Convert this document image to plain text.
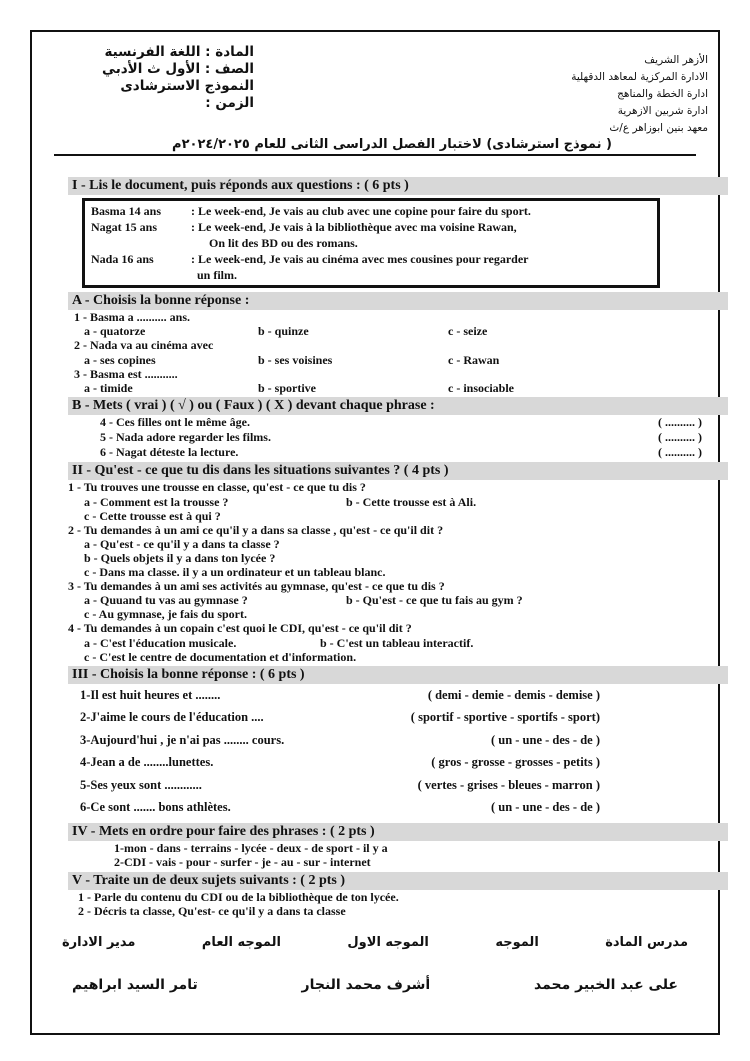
المادة : اللغة الفرنسية
الصف : الأول ث الأدبي
النموذج الاسترشادى
الزمن :
الأزهر الشريف
الادارة المركزية لمعاهد الدقهلية
ادارة الخطة والمناهج
ادارة شربين الازهرية
معهد بنين ابوزاهر ع/ث
( نموذج استرشادى) لاختبار الفصل الدراسى الثانى للعام ٢٠٢٤/٢٠٢٥م
I - Lis le document, puis réponds aux questions : ( 6 pts )
Basma 14 ans	: Le week-end, Je vais au club avec une copine pour faire du sport.
Nagat 15 ans	: Le week-end, Je vais à la bibliothèque avec ma voisine Rawan,
On lit des BD ou des romans.
Nada 16 ans	: Le week-end, Je vais au cinéma avec mes cousines pour regarder
un film.
A - Choisis la bonne réponse :
1 - Basma a .......... ans.
a - quatorze	b - quinze	c - seize
2 - Nada va au cinéma avec
a - ses copines	b - ses voisines	c - Rawan
3 - Basma est ...........
a - timide	b - sportive	c - insociable
B - Mets ( vrai ) ( √ ) ou ( Faux ) ( X ) devant chaque phrase :
4 - Ces filles ont le même âge.	( .......... )
5 - Nada adore regarder les films.	( .......... )
6 - Nagat déteste la lecture.	( .......... )
II - Qu'est - ce que tu dis dans les situations suivantes ? ( 4 pts )
1 - Tu trouves une trousse en classe, qu'est - ce que tu dis ?
a - Comment est la trousse ?	b - Cette trousse est à Ali.
c - Cette trousse est à qui ?
2 - Tu demandes à un ami ce qu'il y a dans sa classe , qu'est - ce qu'il dit ?
a - Qu'est - ce qu'il y a dans ta classe ?
b - Quels objets il y a dans ton lycée ?
c - Dans ma classe. il y a un ordinateur et un tableau blanc.
3 - Tu demandes à un ami ses activités au gymnase, qu'est - ce que tu dis ?
a - Quuand tu vas au gymnase ?	b - Qu'est - ce que tu fais au gym ?
c - Au gymnase, je fais du sport.
4 - Tu demandes à un copain c'est quoi le CDI, qu'est - ce qu'il dit ?
a - C'est l'éducation musicale.	b - C'est un tableau interactif.
c - C'est le centre de documentation et d'information.
III - Choisis la bonne réponse : ( 6 pts )
1-Il est huit heures et ........	( demi - demie - demis - demise )
2-J'aime le cours de l'éducation ....	( sportif - sportive - sportifs - sport)
3-Aujourd'hui , je n'ai pas ........ cours.	( un - une - des - de )
4-Jean a de ........lunettes.	( gros - grosse - grosses - petits )
5-Ses yeux sont ............	( vertes - grises - bleues - marron )
6-Ce sont ....... bons athlètes.	( un - une - des - de )
IV - Mets en ordre pour faire des phrases : ( 2 pts )
1-mon - dans - terrains - lycée - deux - de sport - il y a
2-CDI - vais - pour - surfer - je - au - sur - internet
V - Traite un de deux sujets suivants : ( 2 pts )
1 - Parle du contenu du CDI ou de la bibliothèque de ton lycée.
2 - Décris ta classe, Qu'est- ce qu'il y a dans ta classe
مدرس المادة
الموجه
الموجه الاول
الموجه العام
مدير الادارة
على عبد الخبير محمد
أشرف محمد النجار
تامر السيد ابراهيم
